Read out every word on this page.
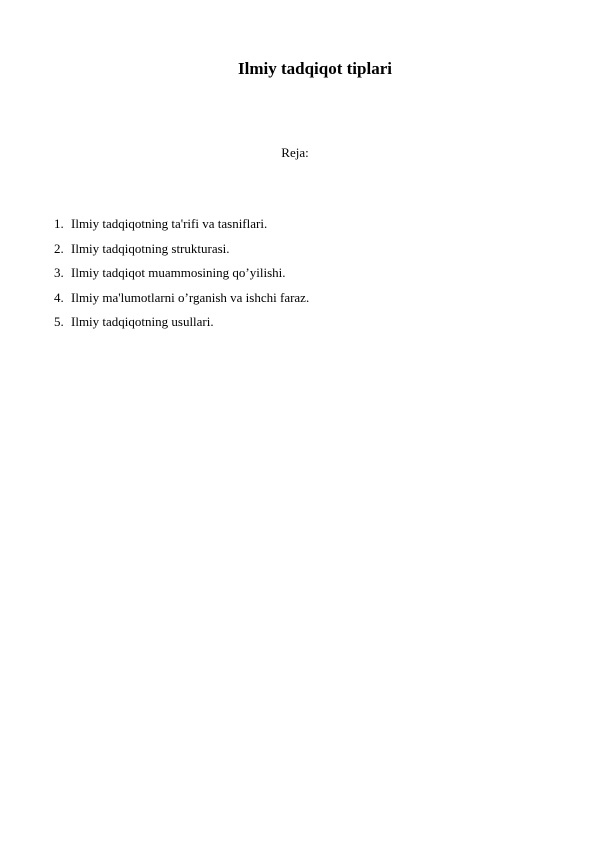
Ilmiy tadqiqot tiplari
Reja:
1. Ilmiy tadqiqotning ta'rifi va tasniflari.
2. Ilmiy tadqiqotning strukturasi.
3. Ilmiy tadqiqot muammosining qo’yilishi.
4. Ilmiy ma'lumotlarni o’rganish va ishchi faraz.
5. Ilmiy tadqiqotning usullari.
